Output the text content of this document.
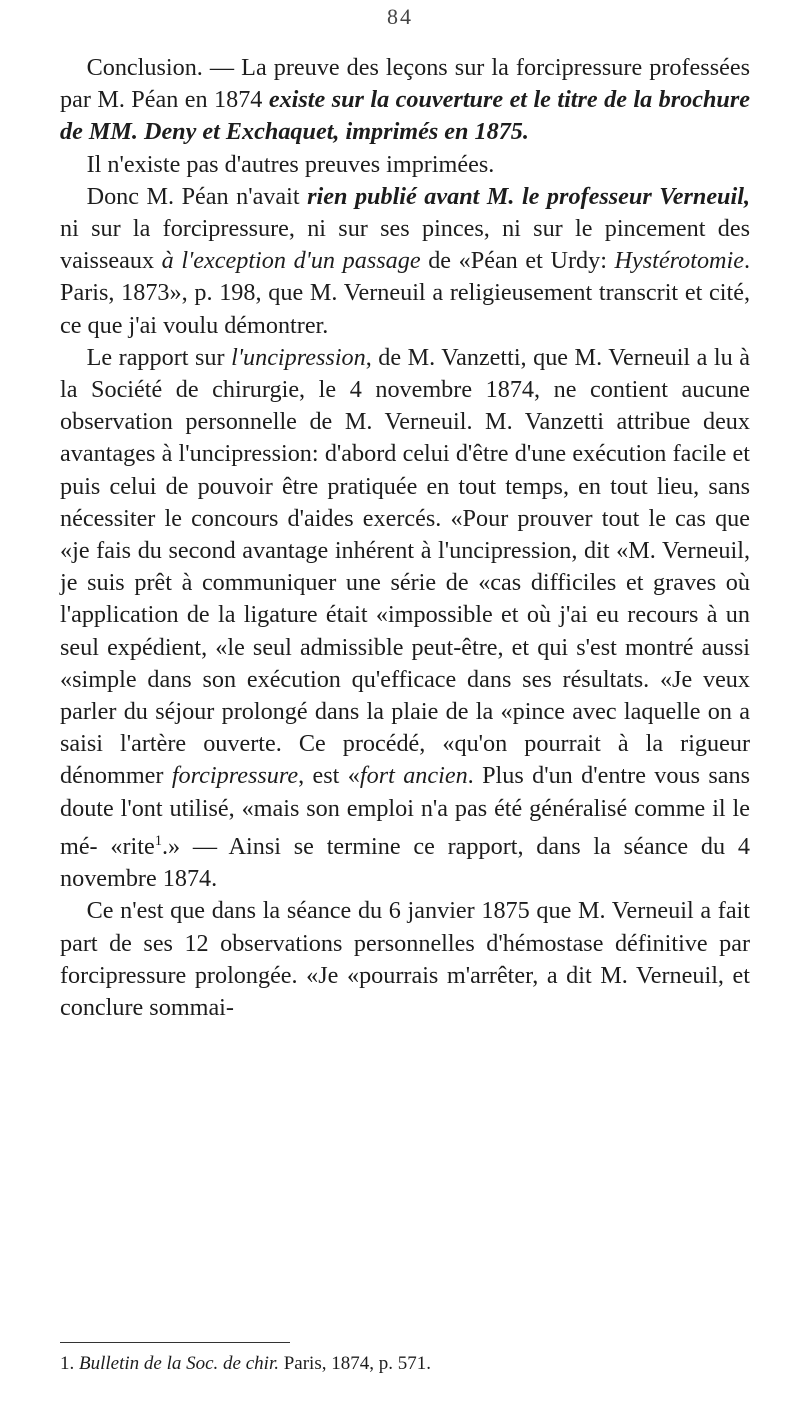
84

Conclusion. — La preuve des leçons sur la forcipressure professées par M. Péan en 1874 existe sur la couverture et le titre de la brochure de MM. Deny et Exchaquet, imprimés en 1875.

Il n'existe pas d'autres preuves imprimées.

Donc M. Péan n'avait rien publié avant M. le professeur Verneuil, ni sur la forcipressure, ni sur ses pinces, ni sur le pincement des vaisseaux à l'exception d'un passage de «Péan et Urdy: Hystérotomie. Paris, 1873», p. 198, que M. Verneuil a religieusement transcrit et cité, ce que j'ai voulu démontrer.

Le rapport sur l'uncipression, de M. Vanzetti, que M. Verneuil a lu à la Société de chirurgie, le 4 novembre 1874, ne contient aucune observation personnelle de M. Verneuil. M. Vanzetti attribue deux avantages à l'uncipression: d'abord celui d'être d'une exécution facile et puis celui de pouvoir être pratiquée en tout temps, en tout lieu, sans nécessiter le concours d'aides exercés. «Pour prouver tout le cas que «je fais du second avantage inhérent à l'uncipression, dit «M. Verneuil, je suis prêt à communiquer une série de «cas difficiles et graves où l'application de la ligature était «impossible et où j'ai eu recours à un seul expédient, «le seul admissible peut-être, et qui s'est montré aussi «simple dans son exécution qu'efficace dans ses résultats. «Je veux parler du séjour prolongé dans la plaie de la «pince avec laquelle on a saisi l'artère ouverte. Ce procédé, «qu'on pourrait à la rigueur dénommer forcipressure, est «fort ancien. Plus d'un d'entre vous sans doute l'ont utilisé, «mais son emploi n'a pas été généralisé comme il le mé- «rite$^1$.» — Ainsi se termine ce rapport, dans la séance du 4 novembre 1874.

Ce n'est que dans la séance du 6 janvier 1875 que M. Verneuil a fait part de ses 12 observations personnelles d'hémostase définitive par forcipressure prolongée. «Je «pourrais m'arrêter, a dit M. Verneuil, et conclure sommai-

1. Bulletin de la Soc. de chir. Paris, 1874, p. 571.
